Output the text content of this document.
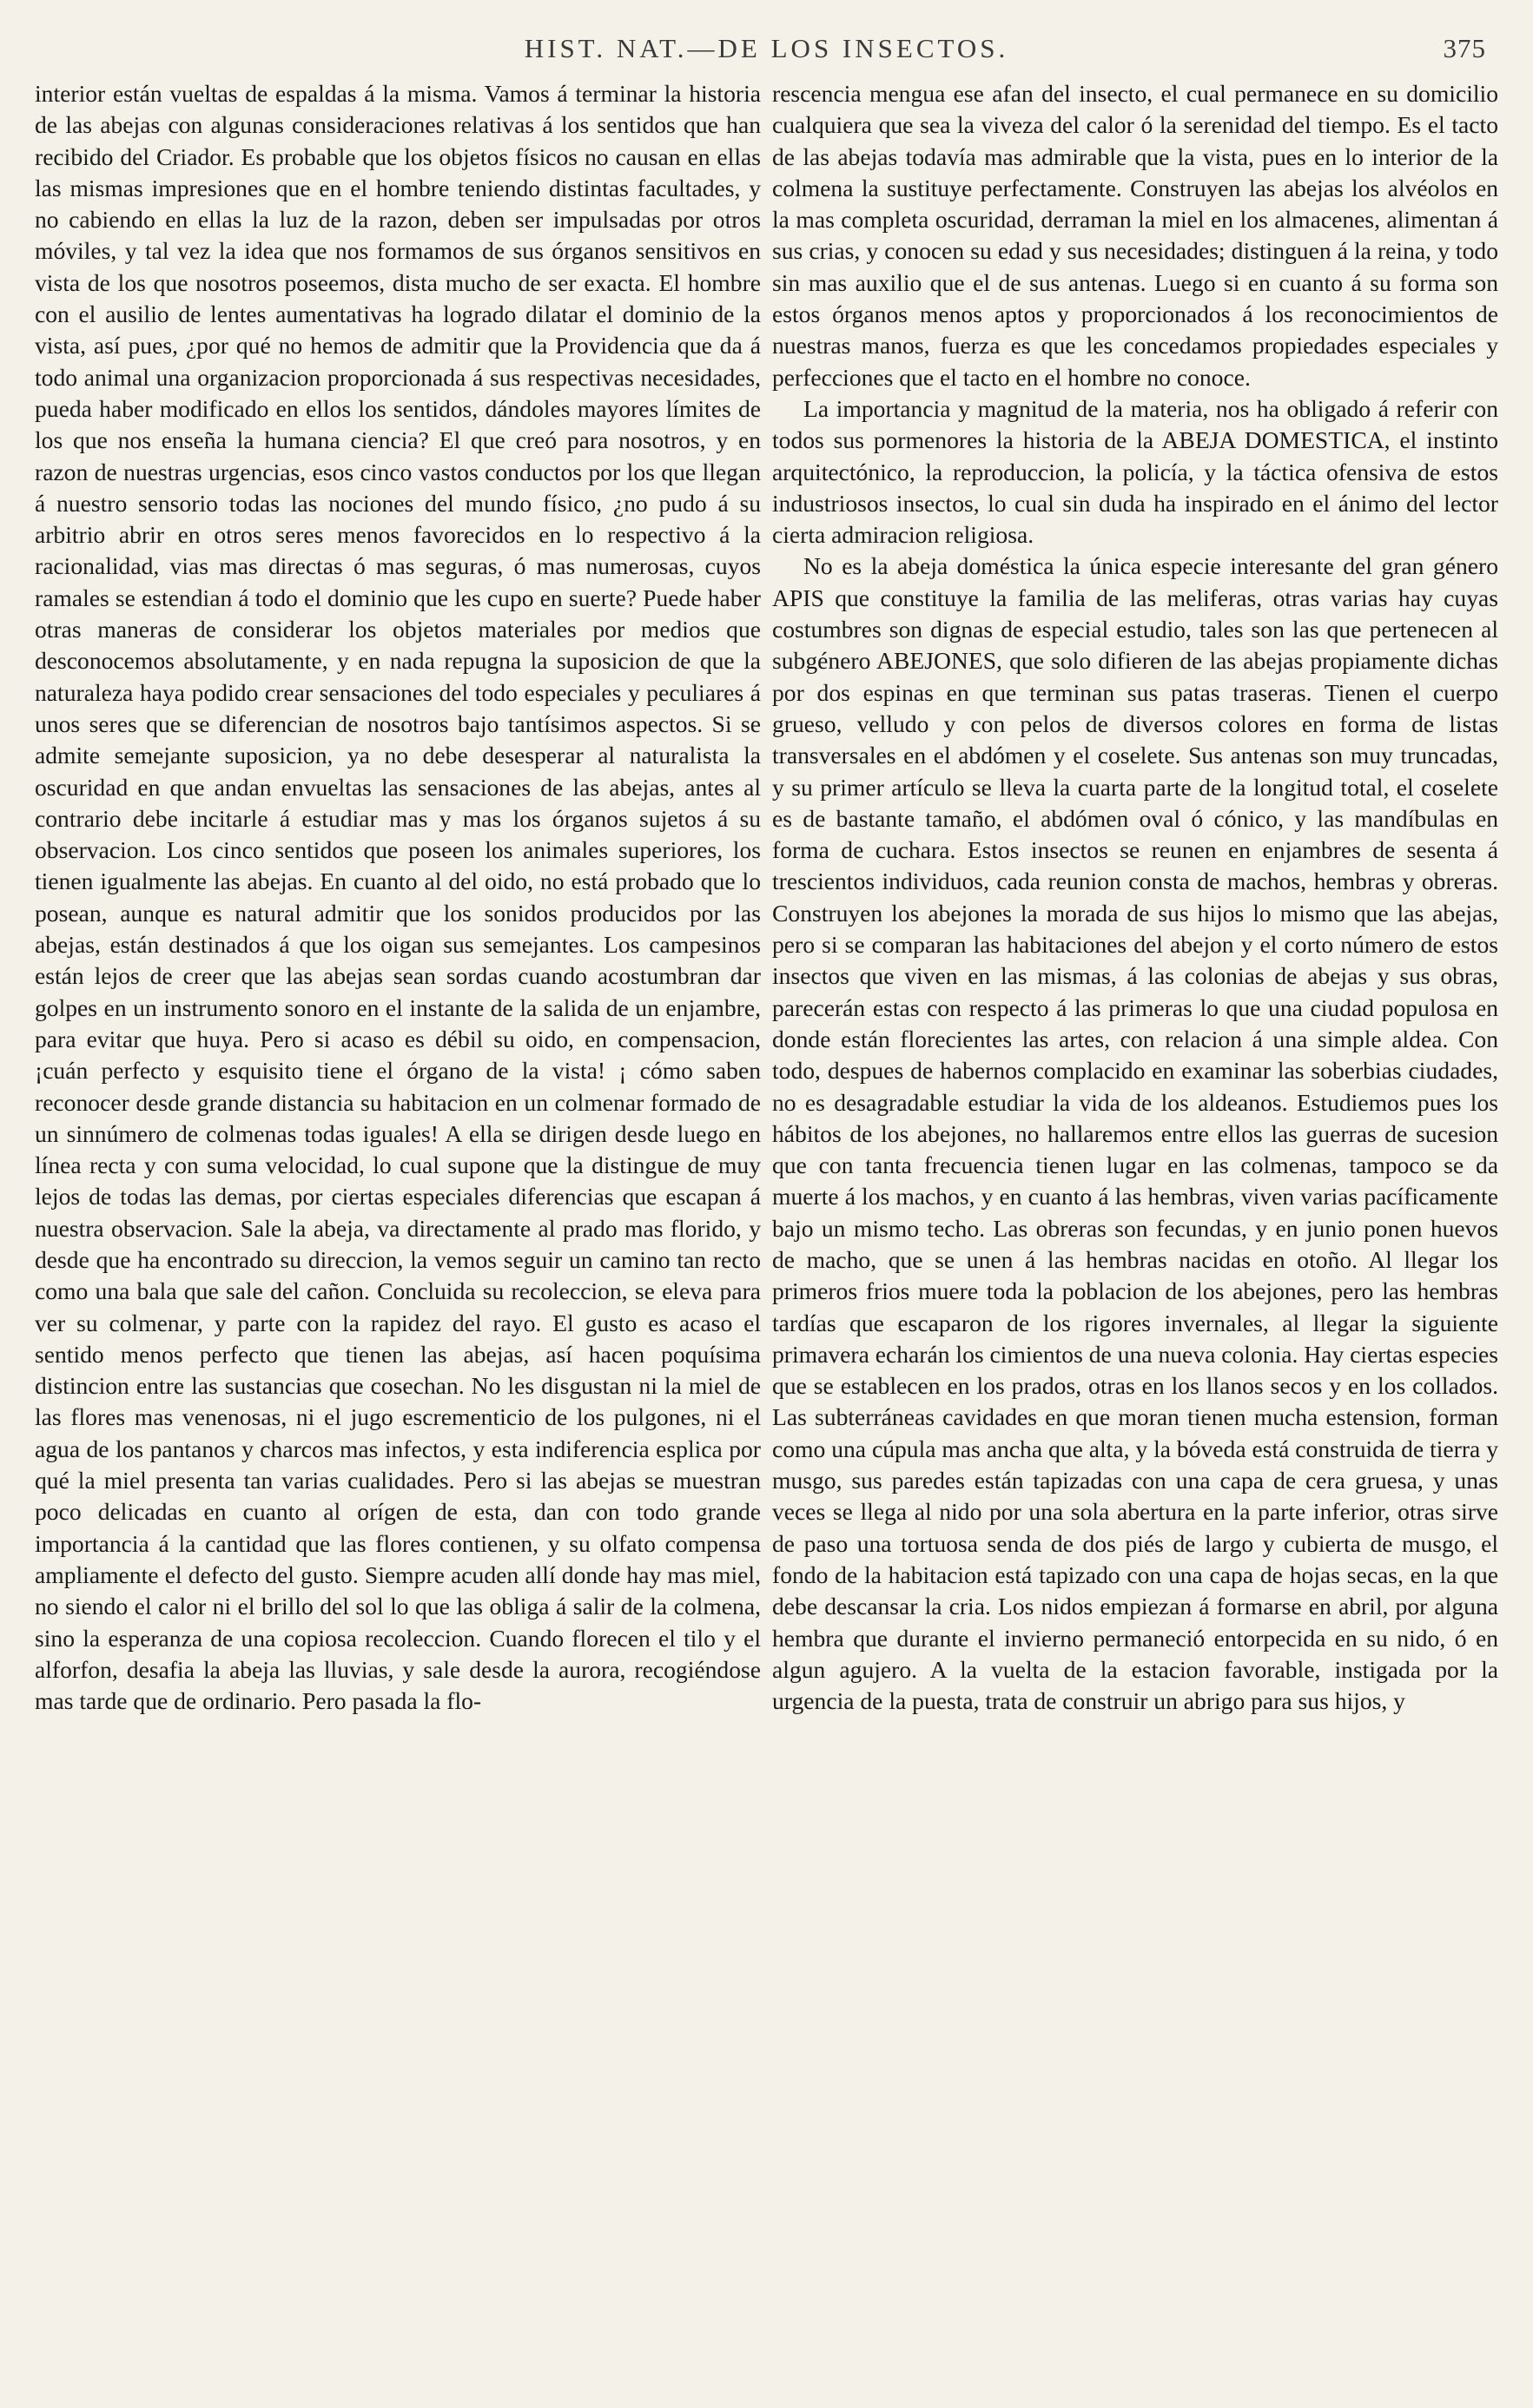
HIST. NAT.—DE LOS INSECTOS.	375

interior están vueltas de espaldas á la misma. Vamos á terminar la historia de las abejas con algunas consideraciones relativas á los sentidos que han recibido del Criador. Es probable que los objetos físicos no causan en ellas las mismas impresiones que en el hombre teniendo distintas facultades, y no cabiendo en ellas la luz de la razon, deben ser impulsadas por otros móviles, y tal vez la idea que nos formamos de sus órganos sensitivos en vista de los que nosotros poseemos, dista mucho de ser exacta. El hombre con el ausilio de lentes aumentativas ha logrado dilatar el dominio de la vista, así pues, ¿por qué no hemos de admitir que la Providencia que da á todo animal una organizacion proporcionada á sus respectivas necesidades, pueda haber modificado en ellos los sentidos, dándoles mayores límites de los que nos enseña la humana ciencia? El que creó para nosotros, y en razon de nuestras urgencias, esos cinco vastos conductos por los que llegan á nuestro sensorio todas las nociones del mundo físico, ¿no pudo á su arbitrio abrir en otros seres menos favorecidos en lo respectivo á la racionalidad, vias mas directas ó mas seguras, ó mas numerosas, cuyos ramales se estendian á todo el dominio que les cupo en suerte? Puede haber otras maneras de considerar los objetos materiales por medios que desconocemos absolutamente, y en nada repugna la suposicion de que la naturaleza haya podido crear sensaciones del todo especiales y peculiares á unos seres que se diferencian de nosotros bajo tantísimos aspectos. Si se admite semejante suposicion, ya no debe desesperar al naturalista la oscuridad en que andan envueltas las sensaciones de las abejas, antes al contrario debe incitarle á estudiar mas y mas los órganos sujetos á su observacion. Los cinco sentidos que poseen los animales superiores, los tienen igualmente las abejas. En cuanto al del oido, no está probado que lo posean, aunque es natural admitir que los sonidos producidos por las abejas, están destinados á que los oigan sus semejantes. Los campesinos están lejos de creer que las abejas sean sordas cuando acostumbran dar golpes en un instrumento sonoro en el instante de la salida de un enjambre, para evitar que huya. Pero si acaso es débil su oido, en compensacion, ¡cuán perfecto y esquisito tiene el órgano de la vista! ¡ cómo saben reconocer desde grande distancia su habitacion en un colmenar formado de un sinnúmero de colmenas todas iguales! A ella se dirigen desde luego en línea recta y con suma velocidad, lo cual supone que la distingue de muy lejos de todas las demas, por ciertas especiales diferencias que escapan á nuestra observacion. Sale la abeja, va directamente al prado mas florido, y desde que ha encontrado su direccion, la vemos seguir un camino tan recto como una bala que sale del cañon. Concluida su recoleccion, se eleva para ver su colmenar, y parte con la rapidez del rayo. El gusto es acaso el sentido menos perfecto que tienen las abejas, así hacen poquísima distincion entre las sustancias que cosechan. No les disgustan ni la miel de las flores mas venenosas, ni el jugo escrementicio de los pulgones, ni el agua de los pantanos y charcos mas infectos, y esta indiferencia esplica por qué la miel presenta tan varias cualidades. Pero si las abejas se muestran poco delicadas en cuanto al orígen de esta, dan con todo grande importancia á la cantidad que las flores contienen, y su olfato compensa ampliamente el defecto del gusto. Siempre acuden allí donde hay mas miel, no siendo el calor ni el brillo del sol lo que las obliga á salir de la colmena, sino la esperanza de una copiosa recoleccion. Cuando florecen el tilo y el alforfon, desafia la abeja las lluvias, y sale desde la aurora, recogiéndose mas tarde que de ordinario. Pero pasada la flo-

rescencia mengua ese afan del insecto, el cual permanece en su domicilio cualquiera que sea la viveza del calor ó la serenidad del tiempo. Es el tacto de las abejas todavía mas admirable que la vista, pues en lo interior de la colmena la sustituye perfectamente. Construyen las abejas los alvéolos en la mas completa oscuridad, derraman la miel en los almacenes, alimentan á sus crias, y conocen su edad y sus necesidades; distinguen á la reina, y todo sin mas auxilio que el de sus antenas. Luego si en cuanto á su forma son estos órganos menos aptos y proporcionados á los reconocimientos de nuestras manos, fuerza es que les concedamos propiedades especiales y perfecciones que el tacto en el hombre no conoce.

La importancia y magnitud de la materia, nos ha obligado á referir con todos sus pormenores la historia de la ABEJA DOMESTICA, el instinto arquitectónico, la reproduccion, la policía, y la táctica ofensiva de estos industriosos insectos, lo cual sin duda ha inspirado en el ánimo del lector cierta admiracion religiosa.

No es la abeja doméstica la única especie interesante del gran género APIS que constituye la familia de las meliferas, otras varias hay cuyas costumbres son dignas de especial estudio, tales son las que pertenecen al subgénero ABEJONES, que solo difieren de las abejas propiamente dichas por dos espinas en que terminan sus patas traseras. Tienen el cuerpo grueso, velludo y con pelos de diversos colores en forma de listas transversales en el abdómen y el coselete. Sus antenas son muy truncadas, y su primer artículo se lleva la cuarta parte de la longitud total, el coselete es de bastante tamaño, el abdómen oval ó cónico, y las mandíbulas en forma de cuchara. Estos insectos se reunen en enjambres de sesenta á trescientos individuos, cada reunion consta de machos, hembras y obreras. Construyen los abejones la morada de sus hijos lo mismo que las abejas, pero si se comparan las habitaciones del abejon y el corto número de estos insectos que viven en las mismas, á las colonias de abejas y sus obras, parecerán estas con respecto á las primeras lo que una ciudad populosa en donde están florecientes las artes, con relacion á una simple aldea. Con todo, despues de habernos complacido en examinar las soberbias ciudades, no es desagradable estudiar la vida de los aldeanos. Estudiemos pues los hábitos de los abejones, no hallaremos entre ellos las guerras de sucesion que con tanta frecuencia tienen lugar en las colmenas, tampoco se da muerte á los machos, y en cuanto á las hembras, viven varias pacíficamente bajo un mismo techo. Las obreras son fecundas, y en junio ponen huevos de macho, que se unen á las hembras nacidas en otoño. Al llegar los primeros frios muere toda la poblacion de los abejones, pero las hembras tardías que escaparon de los rigores invernales, al llegar la siguiente primavera echarán los cimientos de una nueva colonia. Hay ciertas especies que se establecen en los prados, otras en los llanos secos y en los collados. Las subterráneas cavidades en que moran tienen mucha estension, forman como una cúpula mas ancha que alta, y la bóveda está construida de tierra y musgo, sus paredes están tapizadas con una capa de cera gruesa, y unas veces se llega al nido por una sola abertura en la parte inferior, otras sirve de paso una tortuosa senda de dos piés de largo y cubierta de musgo, el fondo de la habitacion está tapizado con una capa de hojas secas, en la que debe descansar la cria. Los nidos empiezan á formarse en abril, por alguna hembra que durante el invierno permaneció entorpecida en su nido, ó en algun agujero. A la vuelta de la estacion favorable, instigada por la urgencia de la puesta, trata de construir un abrigo para sus hijos, y
